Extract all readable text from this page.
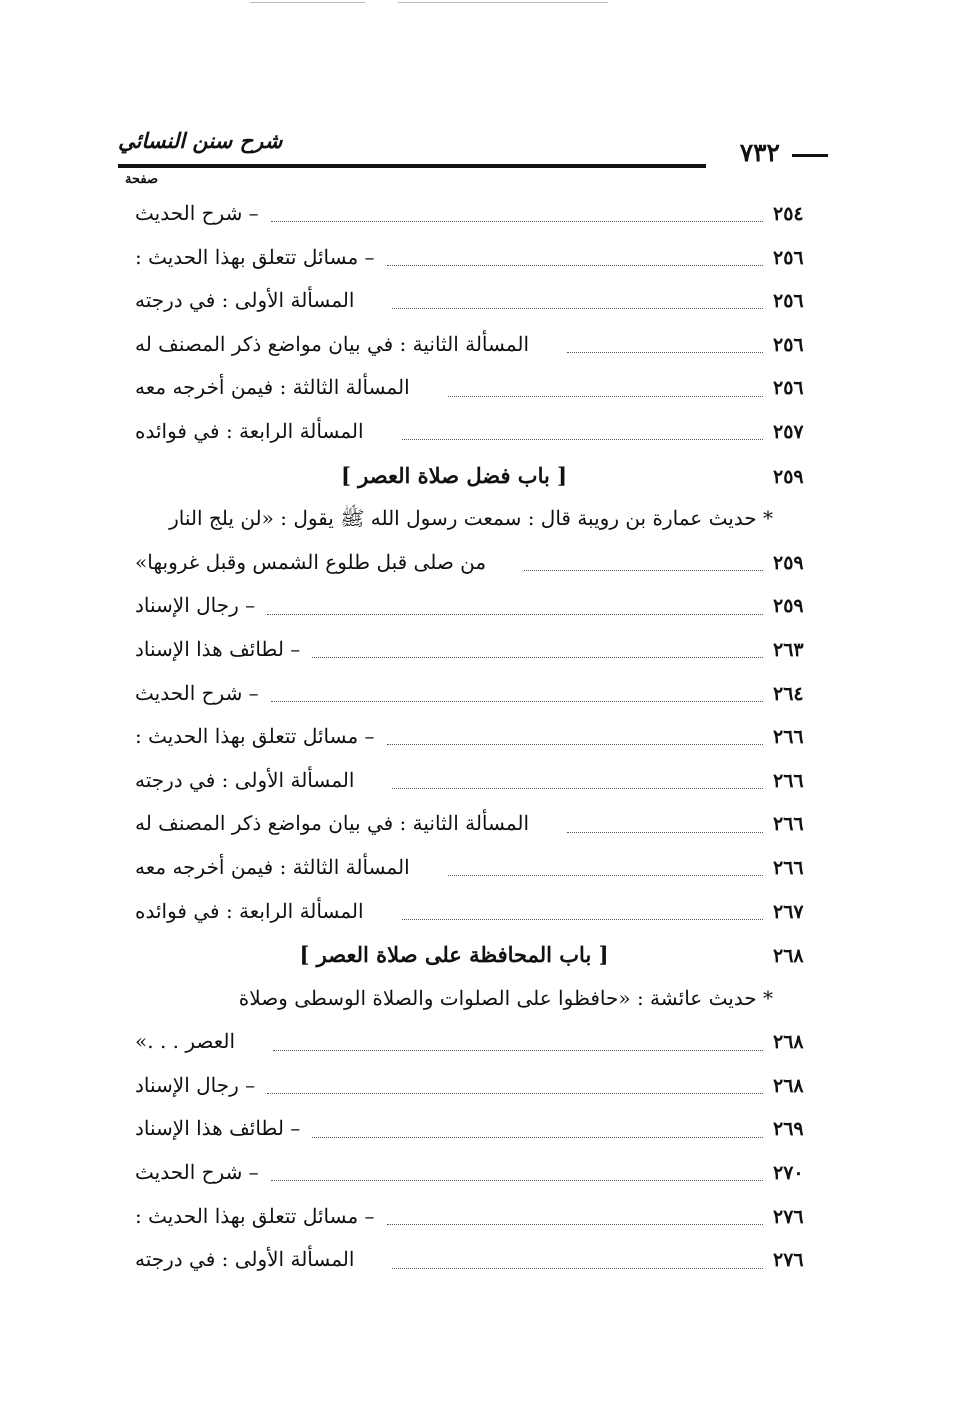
شرح سنن النسائي	٧٣٢
صفحة
– شرح الحديث	٢٥٤
– مسائل تتعلق بهذا الحديث :	٢٥٦
المسألة الأولى : في درجته	٢٥٦
المسألة الثانية : في بيان مواضع ذكر المصنف له	٢٥٦
المسألة الثالثة : فيمن أخرجه معه	٢٥٦
المسألة الرابعة : في فوائده	٢٥٧
[ باب فضل صلاة العصر ]	٢٥٩
* حديث عمارة بن رويبة قال : سمعت رسول الله ﷺ يقول : «لن يلج النار
من صلى قبل طلوع الشمس وقبل غروبها»	٢٥٩
– رجال الإسناد	٢٥٩
– لطائف هذا الإسناد	٢٦٣
– شرح الحديث	٢٦٤
– مسائل تتعلق بهذا الحديث :	٢٦٦
المسألة الأولى : في درجته	٢٦٦
المسألة الثانية : في بيان مواضع ذكر المصنف له	٢٦٦
المسألة الثالثة : فيمن أخرجه معه	٢٦٦
المسألة الرابعة : في فوائده	٢٦٧
[ باب المحافظة على صلاة العصر ]	٢٦٨
* حديث عائشة : «حافظوا على الصلوات والصلاة الوسطى وصلاة
العصر . . .»	٢٦٨
– رجال الإسناد	٢٦٨
– لطائف هذا الإسناد	٢٦٩
– شرح الحديث	٢٧٠
– مسائل تتعلق بهذا الحديث :	٢٧٦
المسألة الأولى : في درجته	٢٧٦
